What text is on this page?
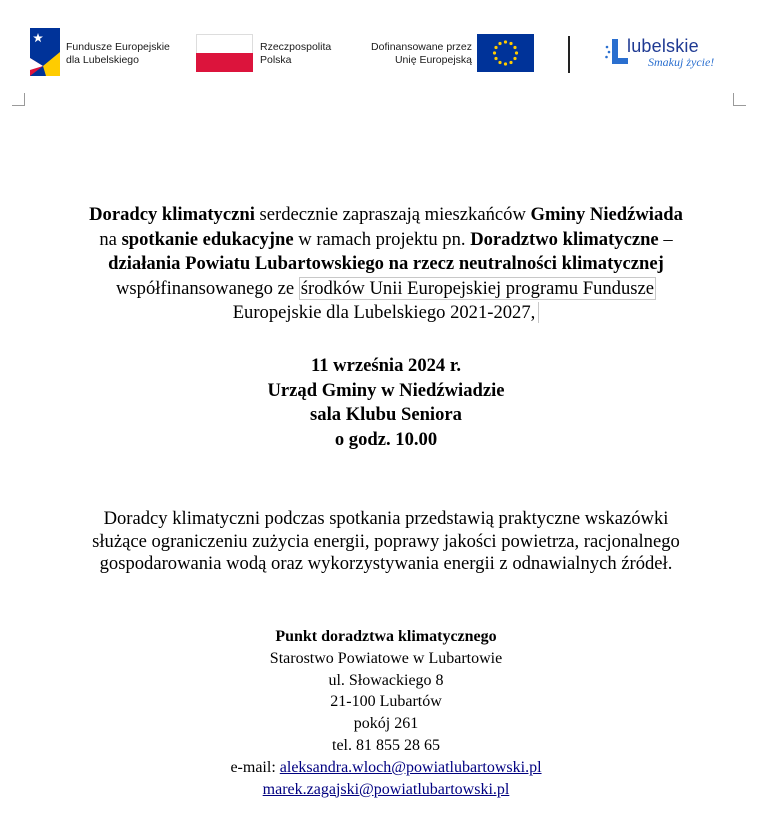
Fundusze Europejskie
dla Lubelskiego
Rzeczpospolita
Polska
Dofinansowane przez
Unię Europejską
lubelskie
Smakuj życie!
Doradcy klimatyczni serdecznie zapraszają mieszkańców Gminy Niedźwiada
na spotkanie edukacyjne w ramach projektu pn. Doradztwo klimatyczne –
działania Powiatu Lubartowskiego na rzecz neutralności klimatycznej
współfinansowanego ze środków Unii Europejskiej programu Fundusze
Europejskie dla Lubelskiego 2021-2027,
11 września 2024 r.
Urząd Gminy w Niedźwiadzie
sala Klubu Seniora
o godz. 10.00
Doradcy klimatyczni podczas spotkania przedstawią praktyczne wskazówki
służące ograniczeniu zużycia energii, poprawy jakości powietrza, racjonalnego
gospodarowania wodą oraz wykorzystywania energii z odnawialnych źródeł.
Punkt doradztwa klimatycznego
Starostwo Powiatowe w Lubartowie
ul. Słowackiego 8
21-100 Lubartów
pokój 261
tel. 81 855 28 65
e-mail: aleksandra.wloch@powiatlubartowski.pl
marek.zagajski@powiatlubartowski.pl
